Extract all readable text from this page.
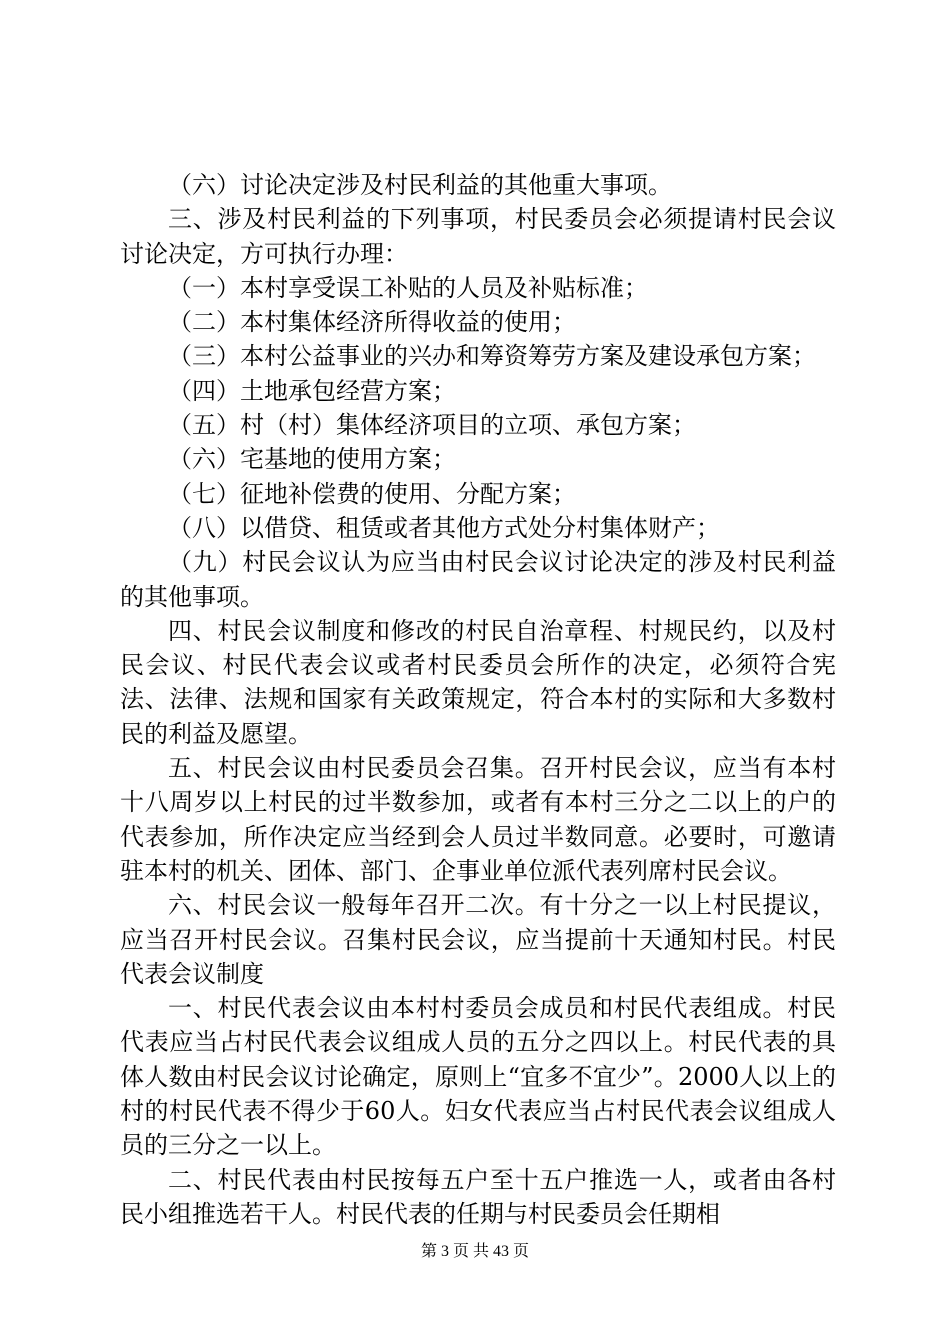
（六）讨论决定涉及村民利益的其他重大事项。

三、涉及村民利益的下列事项，村民委员会必须提请村民会议讨论决定，方可执行办理：

（一）本村享受误工补贴的人员及补贴标准；

（二）本村集体经济所得收益的使用；

（三）本村公益事业的兴办和筹资筹劳方案及建设承包方案；

（四）土地承包经营方案；

（五）村（村）集体经济项目的立项、承包方案；

（六）宅基地的使用方案；

（七）征地补偿费的使用、分配方案；

（八）以借贷、租赁或者其他方式处分村集体财产；

（九）村民会议认为应当由村民会议讨论决定的涉及村民利益的其他事项。

四、村民会议制度和修改的村民自治章程、村规民约，以及村民会议、村民代表会议或者村民委员会所作的决定，必须符合宪法、法律、法规和国家有关政策规定，符合本村的实际和大多数村民的利益及愿望。

五、村民会议由村民委员会召集。召开村民会议，应当有本村十八周岁以上村民的过半数参加，或者有本村三分之二以上的户的代表参加，所作决定应当经到会人员过半数同意。必要时，可邀请驻本村的机关、团体、部门、企事业单位派代表列席村民会议。

六、村民会议一般每年召开二次。有十分之一以上村民提议，应当召开村民会议。召集村民会议，应当提前十天通知村民。村民代表会议制度

一、村民代表会议由本村村委员会成员和村民代表组成。村民代表应当占村民代表会议组成人员的五分之四以上。村民代表的具体人数由村民会议讨论确定，原则上“宜多不宜少”。2000人以上的村的村民代表不得少于60人。妇女代表应当占村民代表会议组成人员的三分之一以上。

二、村民代表由村民按每五户至十五户推选一人，或者由各村民小组推选若干人。村民代表的任期与村民委员会任期相

第 3 页 共 43 页
